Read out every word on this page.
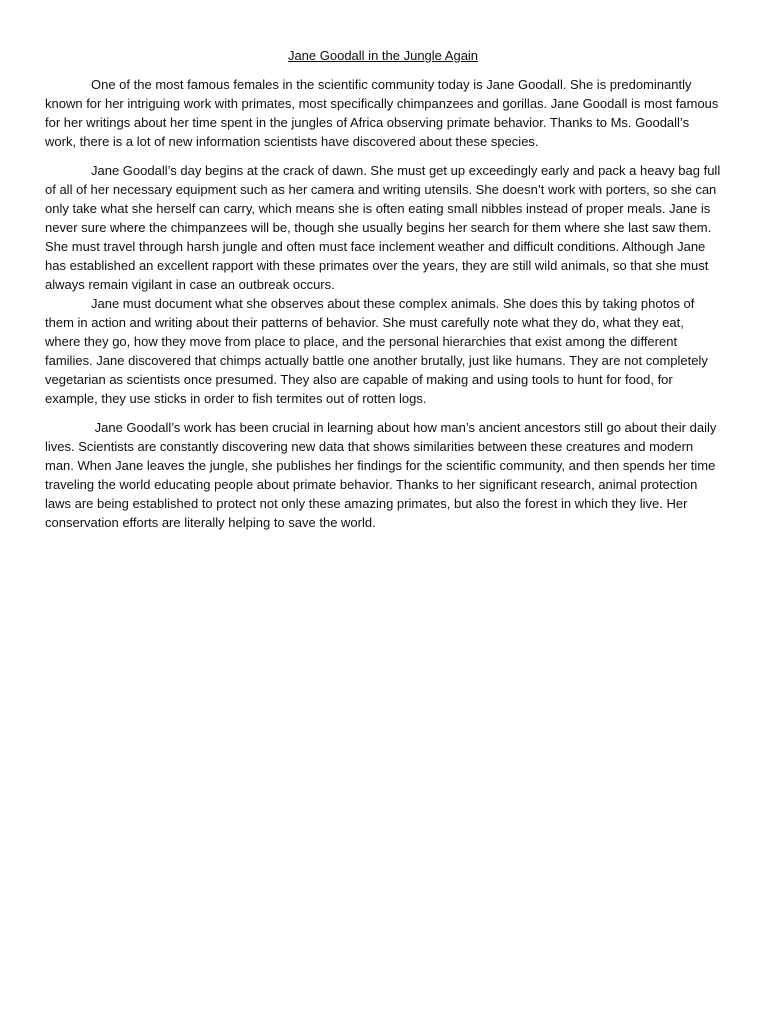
Jane Goodall in the Jungle Again

One of the most famous females in the scientific community today is Jane Goodall. She is predominantly known for her intriguing work with primates, most specifically chimpanzees and gorillas. Jane Goodall is most famous for her writings about her time spent in the jungles of Africa observing primate behavior. Thanks to Ms. Goodall’s work, there is a lot of new information scientists have discovered about these species.

Jane Goodall’s day begins at the crack of dawn. She must get up exceedingly early and pack a heavy bag full of all of her necessary equipment such as her camera and writing utensils. She doesn’t work with porters, so she can only take what she herself can carry, which means she is often eating small nibbles instead of proper meals. Jane is never sure where the chimpanzees will be, though she usually begins her search for them where she last saw them. She must travel through harsh jungle and often must face inclement weather and difficult conditions. Although Jane has established an excellent rapport with these primates over the years, they are still wild animals, so that she must always remain vigilant in case an outbreak occurs.

Jane must document what she observes about these complex animals. She does this by taking photos of them in action and writing about their patterns of behavior. She must carefully note what they do, what they eat, where they go, how they move from place to place, and the personal hierarchies that exist among the different families. Jane discovered that chimps actually battle one another brutally, just like humans. They are not completely vegetarian as scientists once presumed. They also are capable of making and using tools to hunt for food, for example, they use sticks in order to fish termites out of rotten logs.

Jane Goodall’s work has been crucial in learning about how man’s ancient ancestors still go about their daily lives. Scientists are constantly discovering new data that shows similarities between these creatures and modern man. When Jane leaves the jungle, she publishes her findings for the scientific community, and then spends her time traveling the world educating people about primate behavior. Thanks to her significant research, animal protection laws are being established to protect not only these amazing primates, but also the forest in which they live. Her conservation efforts are literally helping to save the world.
